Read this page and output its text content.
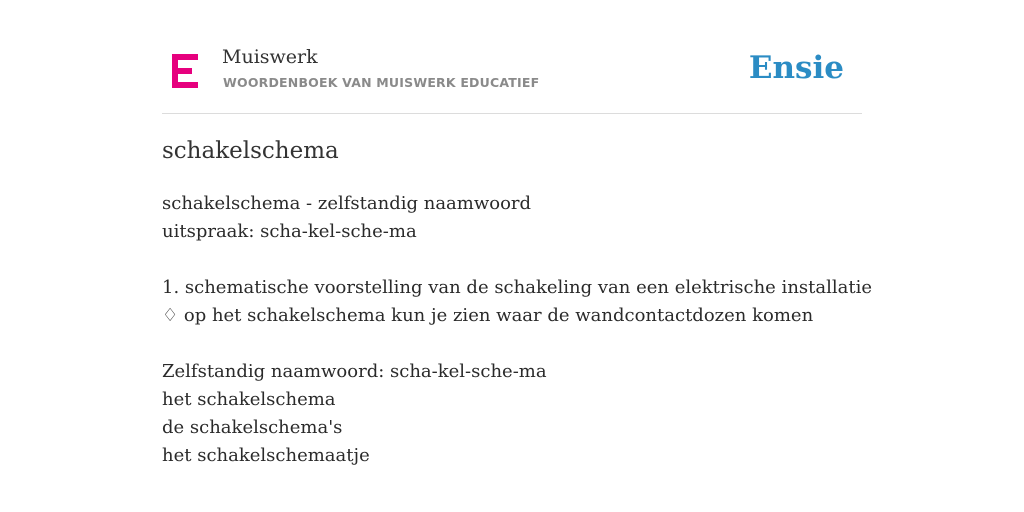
Muiswerk
WOORDENBOEK VAN MUISWERK EDUCATIEF	Ensie
schakelschema
schakelschema - zelfstandig naamwoord
uitspraak: scha-kel-sche-ma
1. schematische voorstelling van de schakeling van een elektrische installatie
♢ op het schakelschema kun je zien waar de wandcontactdozen komen
Zelfstandig naamwoord: scha-kel-sche-ma
het schakelschema
de schakelschema's
het schakelschemaatje
